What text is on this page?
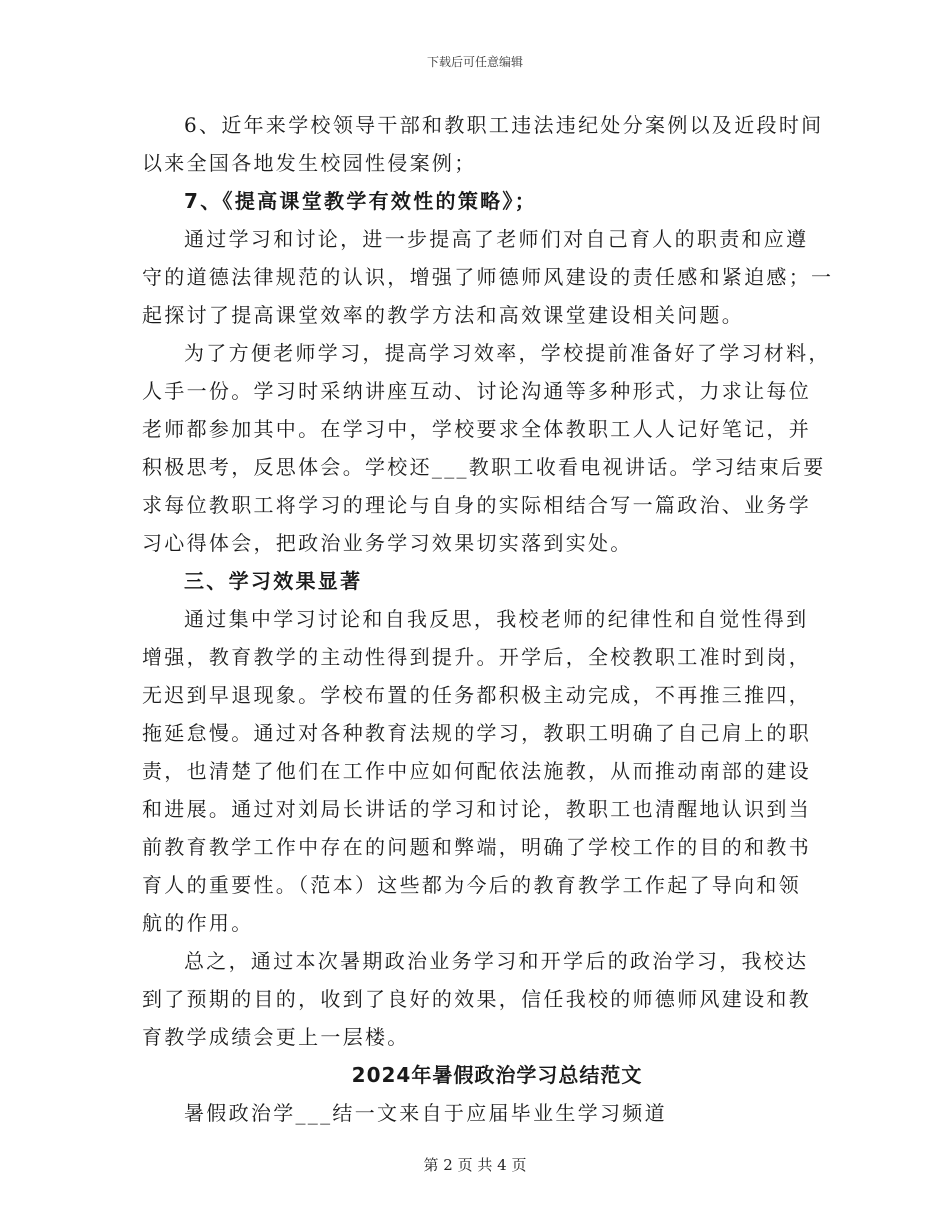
下载后可任意编辑
6、近年来学校领导干部和教职工违法违纪处分案例以及近段时间
以来全国各地发生校园性侵案例；
7、《提高课堂教学有效性的策略》；
通过学习和讨论，进一步提高了老师们对自己育人的职责和应遵
守的道德法律规范的认识，增强了师德师风建设的责任感和紧迫感；一
起探讨了提高课堂效率的教学方法和高效课堂建设相关问题。
为了方便老师学习，提高学习效率，学校提前准备好了学习材料，
人手一份。学习时采纳讲座互动、讨论沟通等多种形式，力求让每位
老师都参加其中。在学习中，学校要求全体教职工人人记好笔记，并
积极思考，反思体会。学校还___教职工收看电视讲话。学习结束后要
求每位教职工将学习的理论与自身的实际相结合写一篇政治、业务学
习心得体会，把政治业务学习效果切实落到实处。
三、学习效果显著
通过集中学习讨论和自我反思，我校老师的纪律性和自觉性得到
增强，教育教学的主动性得到提升。开学后，全校教职工准时到岗，
无迟到早退现象。学校布置的任务都积极主动完成，不再推三推四，
拖延怠慢。通过对各种教育法规的学习，教职工明确了自己肩上的职
责，也清楚了他们在工作中应如何配依法施教，从而推动南部的建设
和进展。通过对刘局长讲话的学习和讨论，教职工也清醒地认识到当
前教育教学工作中存在的问题和弊端，明确了学校工作的目的和教书
育人的重要性。（范本）这些都为今后的教育教学工作起了导向和领
航的作用。
总之，通过本次暑期政治业务学习和开学后的政治学习，我校达
到了预期的目的，收到了良好的效果，信任我校的师德师风建设和教
育教学成绩会更上一层楼。
2024年暑假政治学习总结范文
暑假政治学___结一文来自于应届毕业生学习频道
第 2 页 共 4 页
